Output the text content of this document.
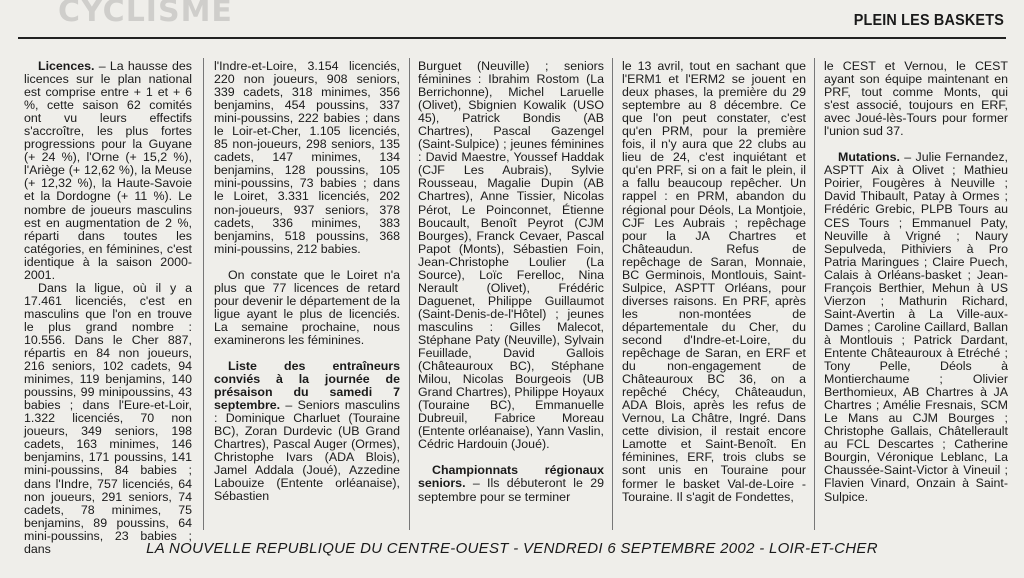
CYCLISME	PLEIN LES BASKETS

Licences. – La hausse des licences sur le plan national est comprise entre + 1 et + 6 %, cette saison 62 comités ont vu leurs effectifs s'accroître, les plus fortes progressions pour la Guyane (+ 24 %), l'Orne (+ 15,2 %), l'Ariège (+ 12,62 %), la Meuse (+ 12,32 %), la Haute-Savoie et la Dordogne (+ 11 %). Le nombre de joueurs masculins est en augmentation de 2 %, réparti dans toutes les catégories, en féminines, c'est identique à la saison 2000-2001.

Dans la ligue, où il y a 17.461 licenciés, c'est en masculins que l'on en trouve le plus grand nombre : 10.556. Dans le Cher 887, répartis en 84 non joueurs, 216 seniors, 102 cadets, 94 minimes, 119 benjamins, 140 poussins, 99 minipoussins, 43 babies ; dans l'Eure-et-Loir, 1.322 licenciés, 70 non joueurs, 349 seniors, 198 cadets, 163 minimes, 146 benjamins, 171 poussins, 141 mini-poussins, 84 babies ; dans l'Indre, 757 licenciés, 64 non joueurs, 291 seniors, 74 cadets, 78 minimes, 75 benjamins, 89 poussins, 64 mini-poussins, 23 babies ; dans

l'Indre-et-Loire, 3.154 licenciés, 220 non joueurs, 908 seniors, 339 cadets, 318 minimes, 356 benjamins, 454 poussins, 337 mini-poussins, 222 babies ; dans le Loir-et-Cher, 1.105 licenciés, 85 non-joueurs, 298 seniors, 135 cadets, 147 minimes, 134 benjamins, 128 poussins, 105 mini-poussins, 73 babies ; dans le Loiret, 3.331 licenciés, 202 non-joueurs, 937 seniors, 378 cadets, 336 minimes, 383 benjamins, 518 poussins, 368 mini-poussins, 212 babies.

On constate que le Loiret n'a plus que 77 licences de retard pour devenir le département de la ligue ayant le plus de licenciés. La semaine prochaine, nous examinerons les féminines.

Liste des entraîneurs conviés à la journée de présaison du samedi 7 septembre. – Seniors masculins : Dominique Charluet (Touraine BC), Zoran Durdevic (UB Grand Chartres), Pascal Auger (Ormes), Christophe Ivars (ADA Blois), Jamel Addala (Joué), Azzedine Labouize (Entente orléanaise), Sébastien

Burguet (Neuville) ; seniors féminines : Ibrahim Rostom (La Berrichonne), Michel Laruelle (Olivet), Sbignien Kowalik (USO 45), Patrick Bondis (AB Chartres), Pascal Gazengel (Saint-Sulpice) ; jeunes féminines : David Maestre, Youssef Haddak (CJF Les Aubrais), Sylvie Rousseau, Magalie Dupin (AB Chartres), Anne Tissier, Nicolas Pérot, Le Poinconnet, Étienne Boucault, Benoît Peyrot (CJM Bourges), Franck Cevaer, Pascal Papot (Monts), Sébastien Foin, Jean-Christophe Loulier (La Source), Loïc Ferelloc, Nina Nerault (Olivet), Frédéric Daguenet, Philippe Guillaumot (Saint-Denis-de-l'Hôtel) ; jeunes masculins : Gilles Malecot, Stéphane Paty (Neuville), Sylvain Feuillade, David Gallois (Châteauroux BC), Stéphane Milou, Nicolas Bourgeois (UB Grand Chartres), Philippe Hoyaux (Touraine BC), Emmanuelle Dubreuil, Fabrice Moreau (Entente orléanaise), Yann Vaslin, Cédric Hardouin (Joué).

Championnats régionaux seniors. – Ils débuteront le 29 septembre pour se terminer

le 13 avril, tout en sachant que l'ERM1 et l'ERM2 se jouent en deux phases, la première du 29 septembre au 8 décembre. Ce que l'on peut constater, c'est qu'en PRM, pour la première fois, il n'y aura que 22 clubs au lieu de 24, c'est inquiétant et qu'en PRF, si on a fait le plein, il a fallu beaucoup repêcher. Un rappel : en PRM, abandon du régional pour Déols, La Montjoie, CJF Les Aubrais ; repêchage pour la JA Chartres et Châteaudun. Refus de repêchage de Saran, Monnaie, BC Germinois, Montlouis, Saint-Sulpice, ASPTT Orléans, pour diverses raisons. En PRF, après les non-montées de départementale du Cher, du second d'Indre-et-Loire, du repêchage de Saran, en ERF et du non-engagement de Châteauroux BC 36, on a repêché Chécy, Châteaudun, ADA Blois, après les refus de Vernou, La Châtre, Ingré. Dans cette division, il restait encore Lamotte et Saint-Benoît. En féminines, ERF, trois clubs se sont unis en Touraine pour former le basket Val-de-Loire - Touraine. Il s'agit de Fondettes,

le CEST et Vernou, le CEST ayant son équipe maintenant en PRF, tout comme Monts, qui s'est associé, toujours en ERF, avec Joué-lès-Tours pour former l'union sud 37.

Mutations. – Julie Fernandez, ASPTT Aix à Olivet ; Mathieu Poirier, Fougères à Neuville ; David Thibault, Patay à Ormes ; Frédéric Grebic, PLPB Tours au CES Tours ; Emmanuel Paty, Neuville à Vrigné ; Naury Sepulveda, Pithiviers à Pro Patria Maringues ; Claire Puech, Calais à Orléans-basket ; Jean-François Berthier, Mehun à US Vierzon ; Mathurin Richard, Saint-Avertin à La Ville-aux-Dames ; Caroline Caillard, Ballan à Montlouis ; Patrick Dardant, Entente Châteauroux à Etréché ; Tony Pelle, Déols à Montierchaume ; Olivier Berthomieux, AB Chartres à JA Chartres ; Amélie Fresnais, SCM Le Mans au CJM Bourges ; Christophe Gallais, Châtellerault au FCL Descartes ; Catherine Bourgin, Véronique Leblanc, La Chaussée-Saint-Victor à Vineuil ; Flavien Vinard, Onzain à Saint-Sulpice.

LA NOUVELLE REPUBLIQUE DU CENTRE-OUEST - VENDREDI 6 SEPTEMBRE 2002 - LOIR-ET-CHER
